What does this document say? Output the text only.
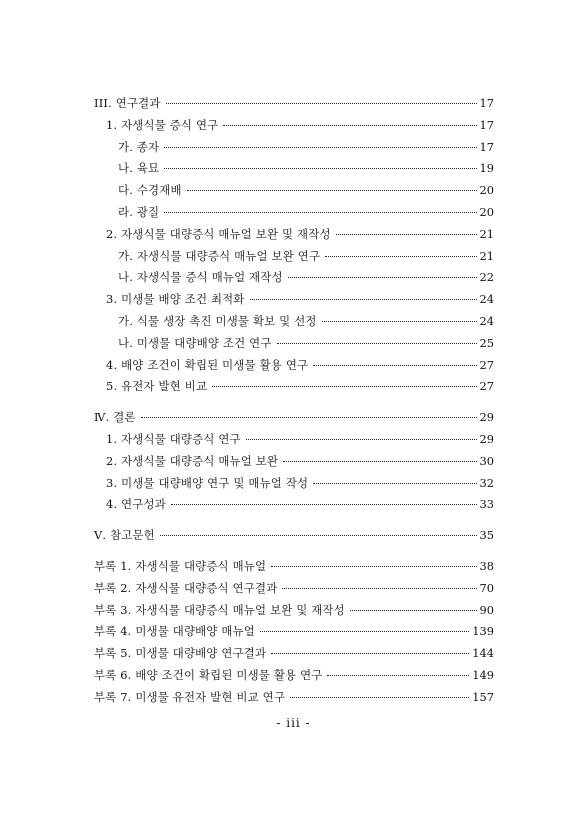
III. 연구결과	17
1. 자생식물 증식 연구	17
가. 종자	17
나. 육묘	19
다. 수경재배	20
라. 광질	20
2. 자생식물 대량증식 매뉴얼 보완 및 재작성	21
가. 자생식물 대량증식 매뉴얼 보완 연구	21
나. 자생식물 증식 매뉴얼 재작성	22
3. 미생물 배양 조건 최적화	24
가. 식물 생장 촉진 미생물 확보 및 선정	24
나. 미생물 대량배양 조건 연구	25
4. 배양 조건이 확립된 미생물 활용 연구	27
5. 유전자 발현 비교	27
Ⅳ. 결론	29
1. 자생식물 대량증식 연구	29
2. 자생식물 대량증식 매뉴얼 보완	30
3. 미생물 대량배양 연구 및 매뉴얼 작성	32
4. 연구성과	33
Ⅴ. 참고문헌	35
부록 1. 자생식물 대량증식 매뉴얼	38
부록 2. 자생식물 대량증식 연구결과	70
부록 3. 자생식물 대량증식 매뉴얼 보완 및 재작성	90
부록 4. 미생물 대량배양 매뉴얼	139
부록 5. 미생물 대량배양 연구결과	144
부록 6. 배양 조건이 확립된 미생물 활용 연구	149
부록 7. 미생물 유전자 발현 비교 연구	157
- iii -
